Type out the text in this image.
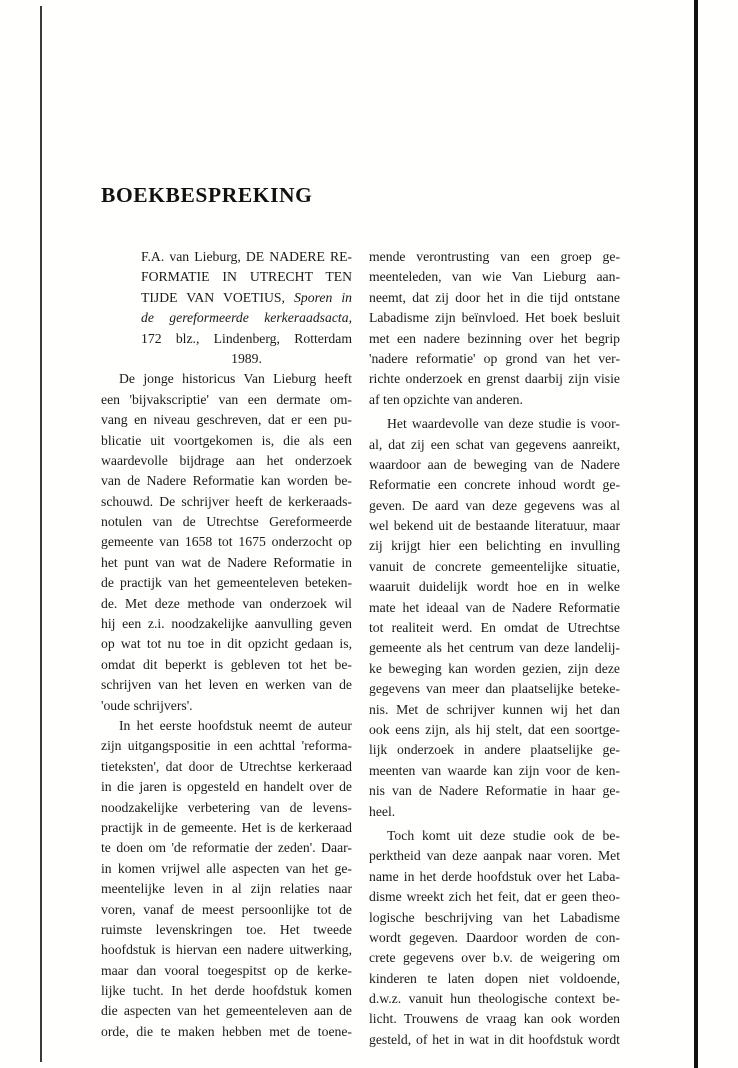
BOEKBESPREKING
F.A. van Lieburg, DE NADERE RE-
FORMATIE IN UTRECHT TEN
TIJDE VAN VOETIUS, Sporen in
de gereformeerde kerkeraadsacta,
172 blz., Lindenberg, Rotterdam
1989.
De jonge historicus Van Lieburg heeft
een 'bijvakscriptie' van een dermate om-
vang en niveau geschreven, dat er een pu-
blicatie uit voortgekomen is, die als een
waardevolle bijdrage aan het onderzoek
van de Nadere Reformatie kan worden be-
schouwd. De schrijver heeft de kerkeraads-
notulen van de Utrechtse Gereformeerde
gemeente van 1658 tot 1675 onderzocht op
het punt van wat de Nadere Reformatie in
de practijk van het gemeenteleven beteken-
de. Met deze methode van onderzoek wil
hij een z.i. noodzakelijke aanvulling geven
op wat tot nu toe in dit opzicht gedaan is,
omdat dit beperkt is gebleven tot het be-
schrijven van het leven en werken van de
'oude schrijvers'.
In het eerste hoofdstuk neemt de auteur
zijn uitgangspositie in een achttal 'reforma-
tieteksten', dat door de Utrechtse kerkeraad
in die jaren is opgesteld en handelt over de
noodzakelijke verbetering van de levens-
practijk in de gemeente. Het is de kerkeraad
te doen om 'de reformatie der zeden'. Daar-
in komen vrijwel alle aspecten van het ge-
meentelijke leven in al zijn relaties naar
voren, vanaf de meest persoonlijke tot de
ruimste levenskringen toe. Het tweede
hoofdstuk is hiervan een nadere uitwerking,
maar dan vooral toegespitst op de kerke-
lijke tucht. In het derde hoofdstuk komen
die aspecten van het gemeenteleven aan de
orde, die te maken hebben met de toene-
mende verontrusting van een groep ge-
meenteleden, van wie Van Lieburg aan-
neemt, dat zij door het in die tijd ontstane
Labadisme zijn beïnvloed. Het boek besluit
met een nadere bezinning over het begrip
'nadere reformatie' op grond van het ver-
richte onderzoek en grenst daarbij zijn visie
af ten opzichte van anderen.
Het waardevolle van deze studie is voor-
al, dat zij een schat van gegevens aanreikt,
waardoor aan de beweging van de Nadere
Reformatie een concrete inhoud wordt ge-
geven. De aard van deze gegevens was al
wel bekend uit de bestaande literatuur, maar
zij krijgt hier een belichting en invulling
vanuit de concrete gemeentelijke situatie,
waaruit duidelijk wordt hoe en in welke
mate het ideaal van de Nadere Reformatie
tot realiteit werd. En omdat de Utrechtse
gemeente als het centrum van deze landelij-
ke beweging kan worden gezien, zijn deze
gegevens van meer dan plaatselijke beteke-
nis. Met de schrijver kunnen wij het dan
ook eens zijn, als hij stelt, dat een soortge-
lijk onderzoek in andere plaatselijke ge-
meenten van waarde kan zijn voor de ken-
nis van de Nadere Reformatie in haar ge-
heel.
Toch komt uit deze studie ook de be-
perktheid van deze aanpak naar voren. Met
name in het derde hoofdstuk over het Laba-
disme wreekt zich het feit, dat er geen theo-
logische beschrijving van het Labadisme
wordt gegeven. Daardoor worden de con-
crete gegevens over b.v. de weigering om
kinderen te laten dopen niet voldoende,
d.w.z. vanuit hun theologische context be-
licht. Trouwens de vraag kan ook worden
gesteld, of het in wat in dit hoofdstuk wordt
